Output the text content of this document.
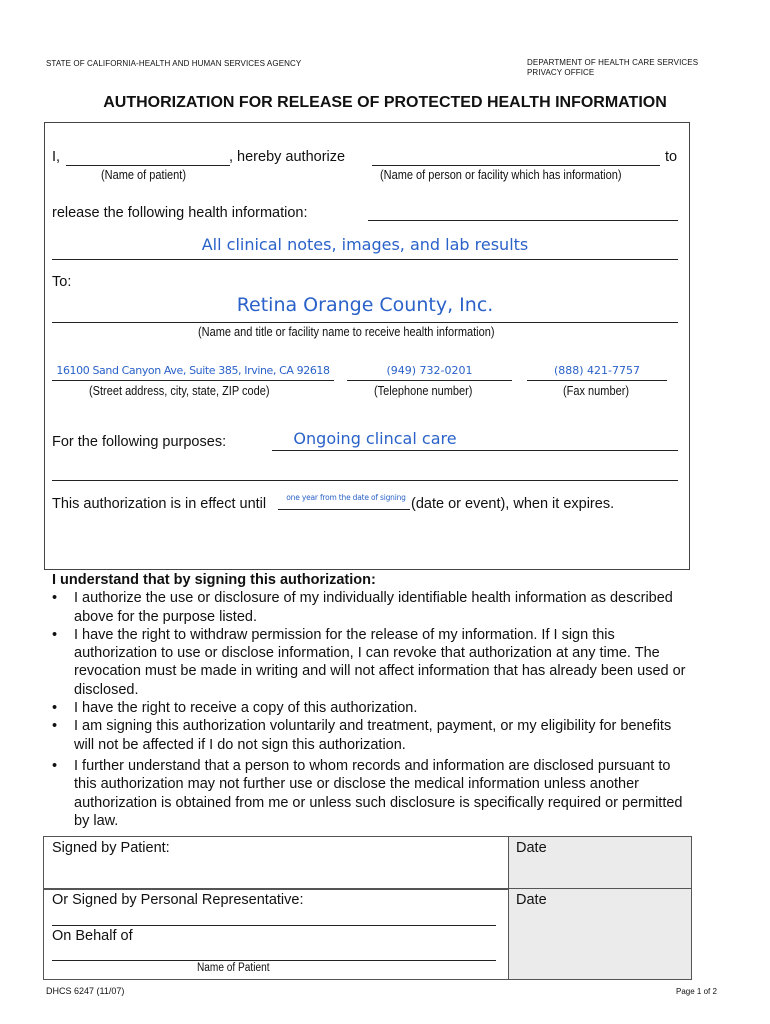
STATE OF CALIFORNIA-HEALTH AND HUMAN SERVICES AGENCY	DEPARTMENT OF HEALTH CARE SERVICES
PRIVACY OFFICE
AUTHORIZATION FOR RELEASE OF PROTECTED HEALTH INFORMATION
I,	, hereby authorize	to
(Name of patient)	(Name of person or facility which has information)
release the following health information:
All clinical notes, images, and lab results
To:
Retina Orange County, Inc.
(Name and title or facility name to receive health information)
16100 Sand Canyon Ave, Suite 385, Irvine, CA 92618
(Street address, city, state, ZIP code)
(949) 732-0201
(Telephone number)
(888) 421-7757
(Fax number)
For the following purposes:	Ongoing clincal care
This authorization is in effect until	one year from the date of signing (date or event), when it expires.
I understand that by signing this authorization:
• I authorize the use or disclosure of my individually identifiable health information as described above for the purpose listed.
• I have the right to withdraw permission for the release of my information. If I sign this authorization to use or disclose information, I can revoke that authorization at any time. The revocation must be made in writing and will not affect information that has already been used or disclosed.
• I have the right to receive a copy of this authorization.
• I am signing this authorization voluntarily and treatment, payment, or my eligibility for benefits will not be affected if I do not sign this authorization.
• I further understand that a person to whom records and information are disclosed pursuant to this authorization may not further use or disclose the medical information unless another authorization is obtained from me or unless such disclosure is specifically required or permitted by law.
Signed by Patient:	Date
Or Signed by Personal Representative:	Date
On Behalf of
Name of Patient
DHCS 6247 (11/07)	Page 1 of 2
